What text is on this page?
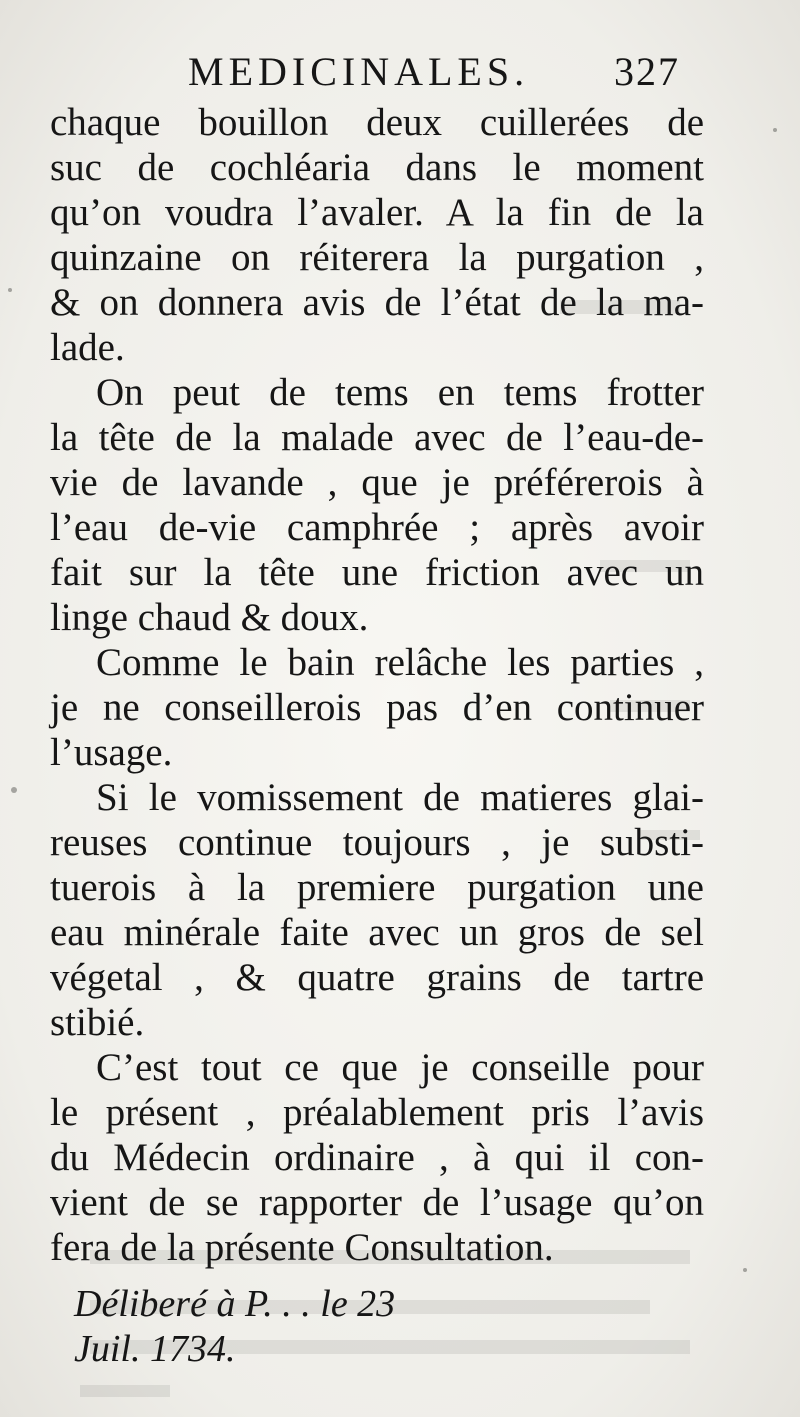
MEDICINALES. 327
chaque bouillon deux cuillerées de
suc de cochléaria dans le moment
qu’on voudra l’avaler. A la fin de la
quinzaine on réiterera la purgation ,
& on donnera avis de l’état de la ma-
lade.
On peut de tems en tems frotter
la tête de la malade avec de l’eau-de-
vie de lavande , que je préférerois à
l’eau de-vie camphrée ; après avoir
fait sur la tête une friction avec un
linge chaud & doux.
Comme le bain relâche les parties ,
je ne conseillerois pas d’en continuer
l’usage.
Si le vomissement de matieres glai-
reuses continue toujours , je substi-
tuerois à la premiere purgation une
eau minérale faite avec un gros de sel
végetal , & quatre grains de tartre
stibié.
C’est tout ce que je conseille pour
le présent , préalablement pris l’avis
du Médecin ordinaire , à qui il con-
vient de se rapporter de l’usage qu’on
fera de la présente Consultation.
Déliberé à P. . . le 23
Juil. 1734.
